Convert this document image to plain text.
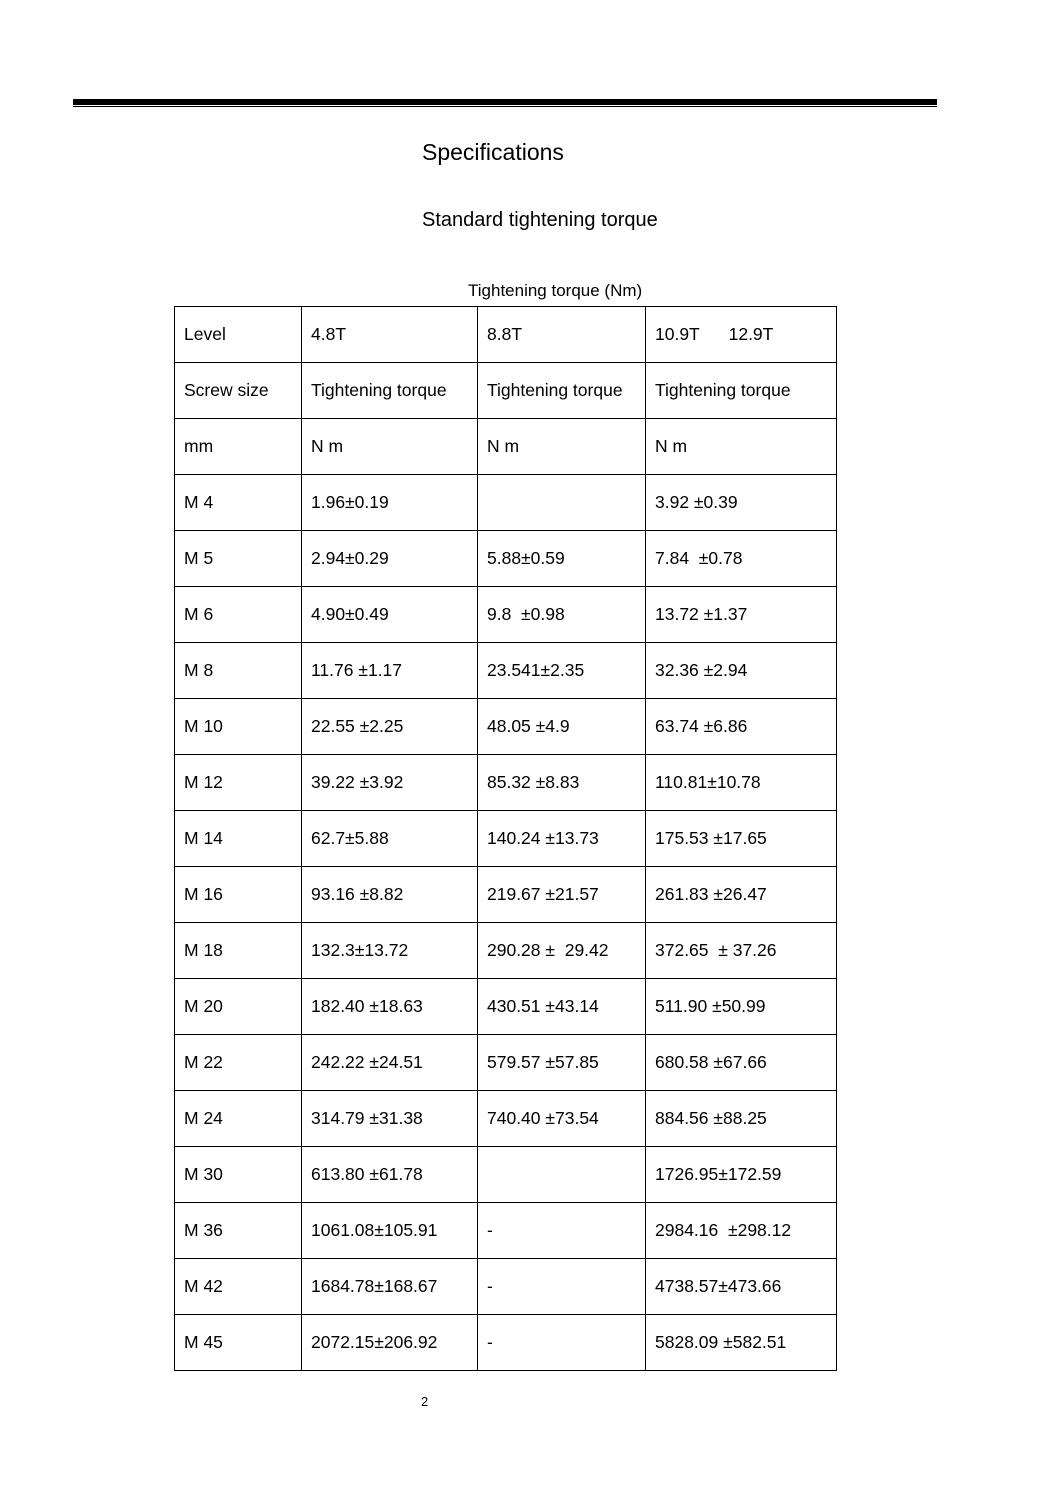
Specifications
Standard tightening torque
Tightening torque (Nm)
Level	4.8T	8.8T	10.9T      12.9T
Screw size	Tightening torque	Tightening torque	Tightening torque
mm	N m	N m	N m
M 4	1.96±0.19		3.92 ±0.39
M 5	2.94±0.29	5.88±0.59	7.84  ±0.78
M 6	4.90±0.49	9.8  ±0.98	13.72 ±1.37
M 8	11.76 ±1.17	23.541±2.35	32.36 ±2.94
M 10	22.55 ±2.25	48.05 ±4.9	63.74 ±6.86
M 12	39.22 ±3.92	85.32 ±8.83	110.81±10.78
M 14	62.7±5.88	140.24 ±13.73	175.53 ±17.65
M 16	93.16 ±8.82	219.67 ±21.57	261.83 ±26.47
M 18	132.3±13.72	290.28 ±  29.42	372.65  ± 37.26
M 20	182.40 ±18.63	430.51 ±43.14	511.90 ±50.99
M 22	242.22 ±24.51	579.57 ±57.85	680.58 ±67.66
M 24	314.79 ±31.38	740.40 ±73.54	884.56 ±88.25
M 30	613.80 ±61.78		1726.95±172.59
M 36	1061.08±105.91	-	2984.16  ±298.12
M 42	1684.78±168.67	-	4738.57±473.66
M 45	2072.15±206.92	-	5828.09 ±582.51
2
